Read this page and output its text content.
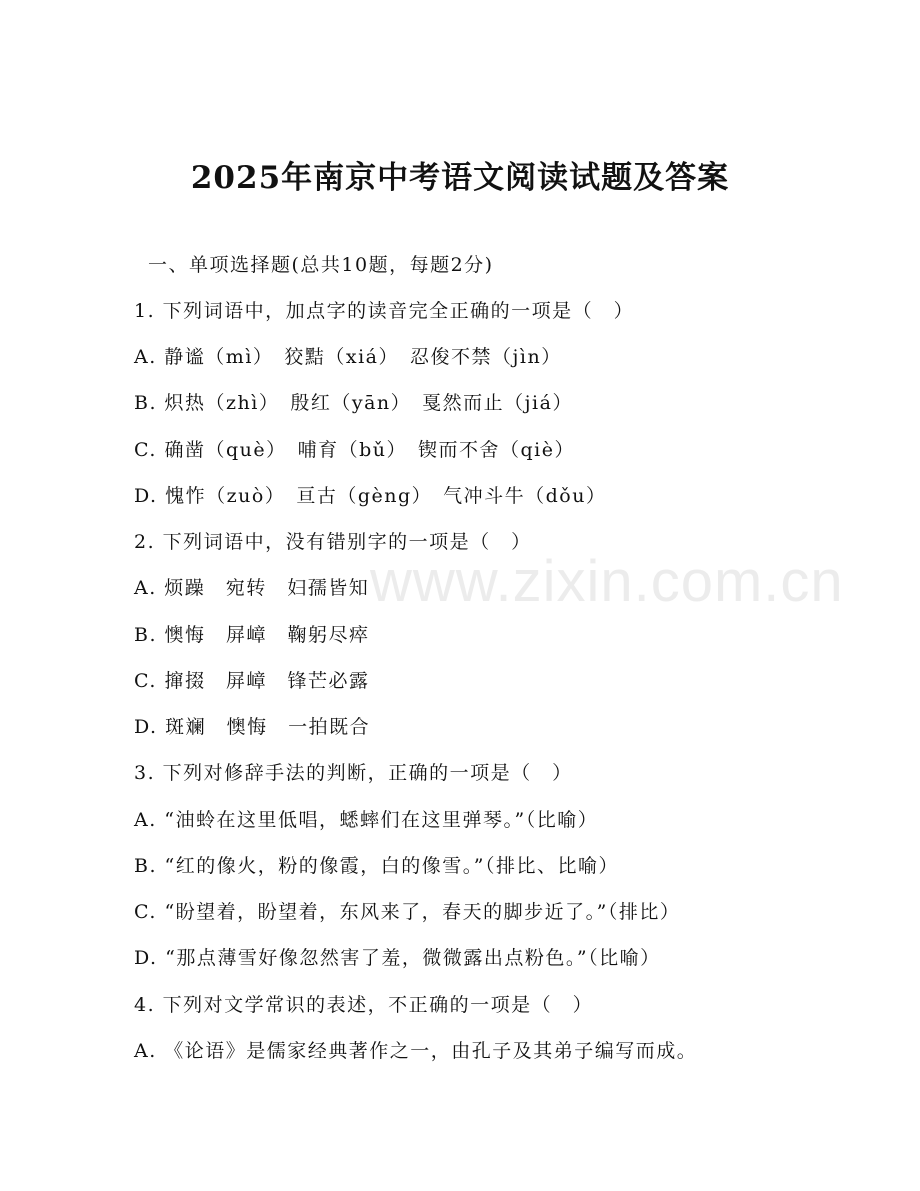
www.zixin.com.cn
2025年南京中考语文阅读试题及答案
一、单项选择题(总共10题，每题2分)
1. 下列词语中，加点字的读音完全正确的一项是（　）
A. 静谧（mì）　狡黠（xiá）　忍俊不禁（jìn）
B. 炽热（zhì）　殷红（yān）　戛然而止（jiá）
C. 确凿（què）　哺育（bǔ）　锲而不舍（qiè）
D. 愧怍（zuò）　亘古（gèng）　气冲斗牛（dǒu）
2. 下列词语中，没有错别字的一项是（　）
A. 烦躁　宛转　妇孺皆知
B. 懊悔　屏嶂　鞠躬尽瘁
C. 撺掇　屏嶂　锋芒必露
D. 斑斓　懊悔　一拍既合
3. 下列对修辞手法的判断，正确的一项是（　）
A. “油蛉在这里低唱，蟋蟀们在这里弹琴。”（比喻）
B. “红的像火，粉的像霞，白的像雪。”（排比、比喻）
C. “盼望着，盼望着，东风来了，春天的脚步近了。”（排比）
D. “那点薄雪好像忽然害了羞，微微露出点粉色。”（比喻）
4. 下列对文学常识的表述，不正确的一项是（　）
A. 《论语》是儒家经典著作之一，由孔子及其弟子编写而成。
